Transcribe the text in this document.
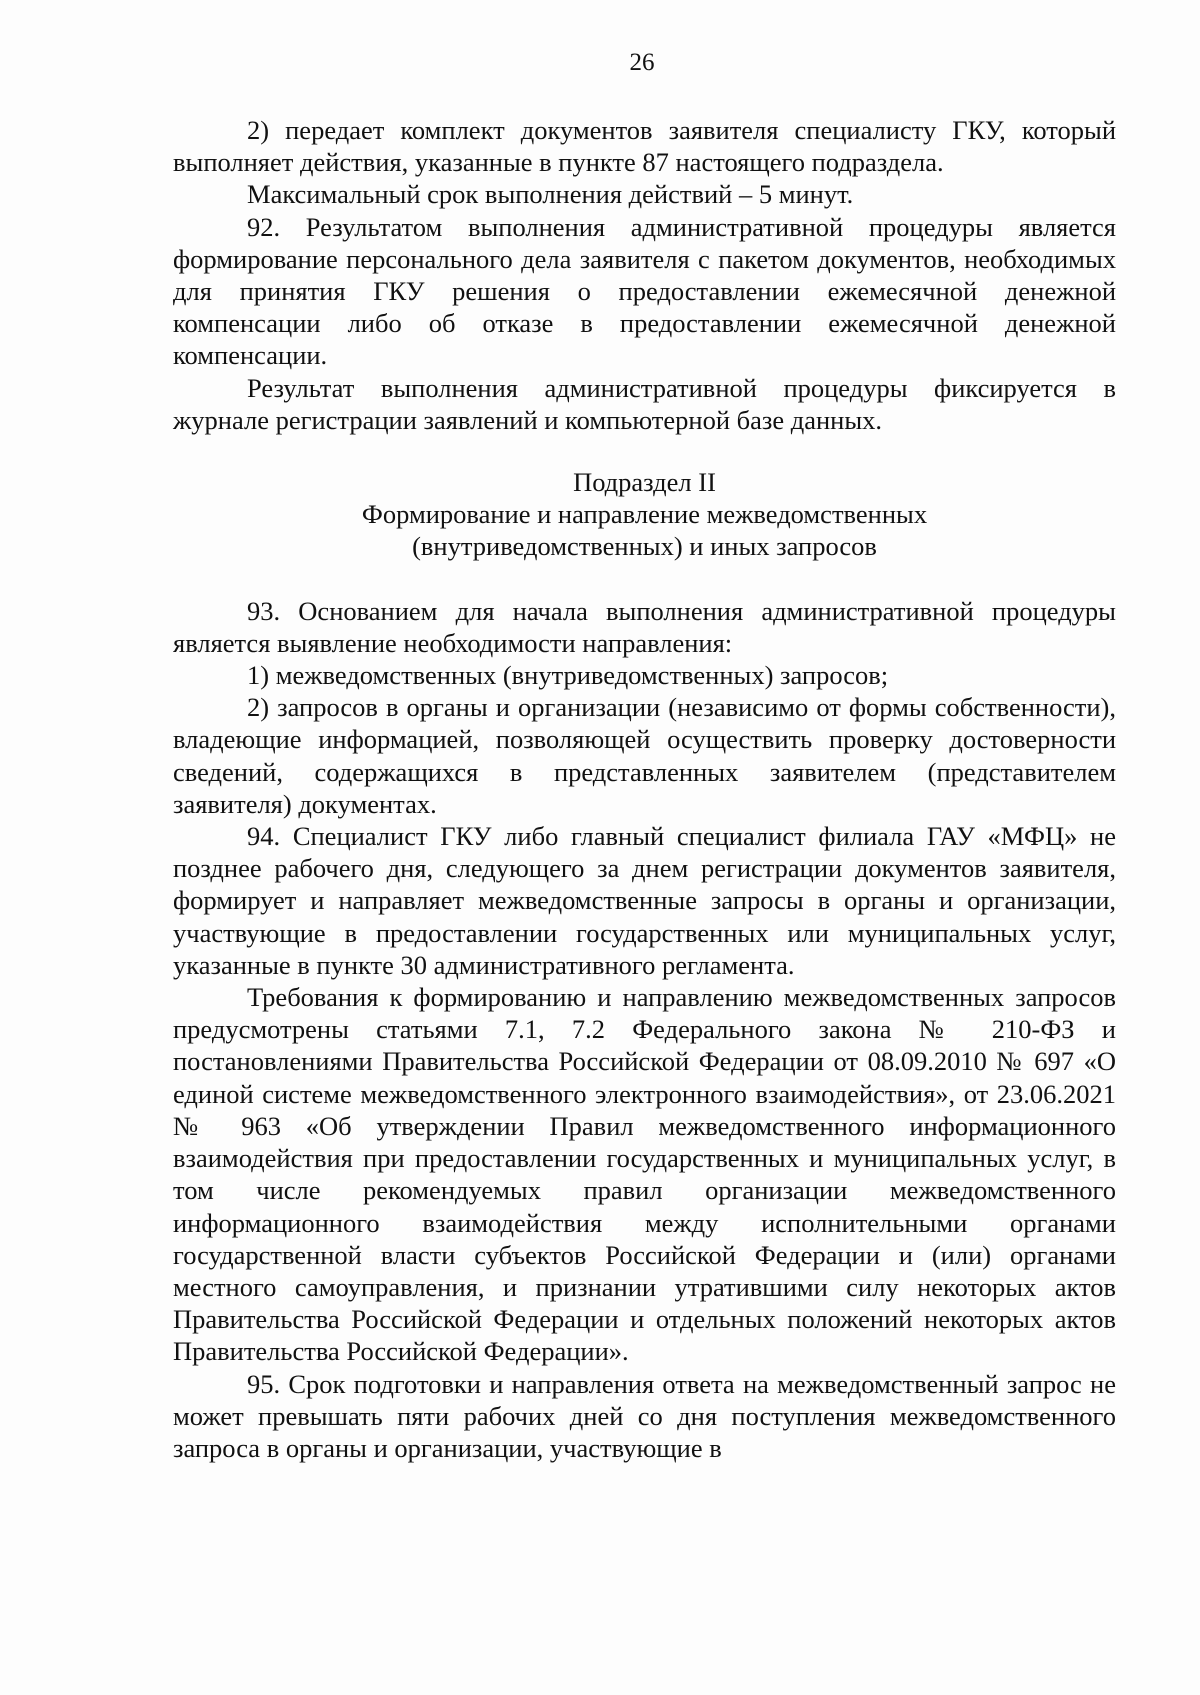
26

2) передает комплект документов заявителя специалисту ГКУ, который выполняет действия, указанные в пункте 87 настоящего подраздела.

Максимальный срок выполнения действий – 5 минут.

92. Результатом выполнения административной процедуры является формирование персонального дела заявителя с пакетом документов, необходимых для принятия ГКУ решения о предоставлении ежемесячной денежной компенсации либо об отказе в предоставлении ежемесячной денежной компенсации.

Результат выполнения административной процедуры фиксируется в журнале регистрации заявлений и компьютерной базе данных.

Подраздел II
Формирование и направление межведомственных
(внутриведомственных) и иных запросов

93. Основанием для начала выполнения административной процедуры является выявление необходимости направления:

1) межведомственных (внутриведомственных) запросов;

2) запросов в органы и организации (независимо от формы собственности), владеющие информацией, позволяющей осуществить проверку достоверности сведений, содержащихся в представленных заявителем (представителем заявителя) документах.

94. Специалист ГКУ либо главный специалист филиала ГАУ «МФЦ» не позднее рабочего дня, следующего за днем регистрации документов заявителя, формирует и направляет межведомственные запросы в органы и организации, участвующие в предоставлении государственных или муниципальных услуг, указанные в пункте 30 административного регламента.

Требования к формированию и направлению межведомственных запросов предусмотрены статьями 7.1, 7.2 Федерального закона № 210-ФЗ и постановлениями Правительства Российской Федерации от 08.09.2010 № 697 «О единой системе межведомственного электронного взаимодействия», от 23.06.2021 № 963 «Об утверждении Правил межведомственного информационного взаимодействия при предоставлении государственных и муниципальных услуг, в том числе рекомендуемых правил организации межведомственного информационного взаимодействия между исполнительными органами государственной власти субъектов Российской Федерации и (или) органами местного самоуправления, и признании утратившими силу некоторых актов Правительства Российской Федерации и отдельных положений некоторых актов Правительства Российской Федерации».

95. Срок подготовки и направления ответа на межведомственный запрос не может превышать пяти рабочих дней со дня поступления межведомственного запроса в органы и организации, участвующие в
